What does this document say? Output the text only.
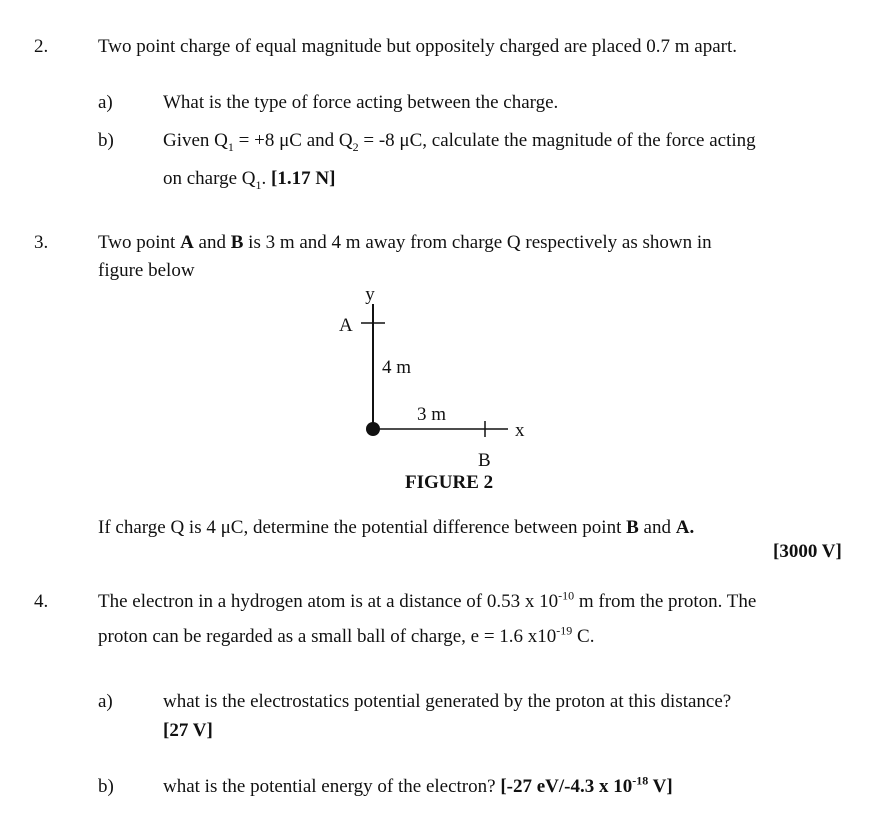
2.	Two point charge of equal magnitude but oppositely charged are placed 0.7 m apart.
a)	What is the type of force acting between the charge.
b)	Given $Q_1 = +8$ μC and $Q_2 = -8$ μC, calculate the magnitude of the force acting
on charge $Q_1$. [1.17 N]
3.	Two point A and B is 3 m and 4 m away from charge Q respectively as shown in
figure below
y
x
A
B
4 m
3 m
FIGURE 2
If charge Q is 4 μC, determine the potential difference between point B and A.
[3000 V]
4.	The electron in a hydrogen atom is at a distance of 0.53 x $10^{-10}$ m from the proton. The
proton can be regarded as a small ball of charge, e = 1.6 $x10^{-19}$ C.
a)	what is the electrostatics potential generated by the proton at this distance?
[27 V]
b)	what is the potential energy of the electron? [-27 eV/-4.3 x $10^{-18}$ V]
